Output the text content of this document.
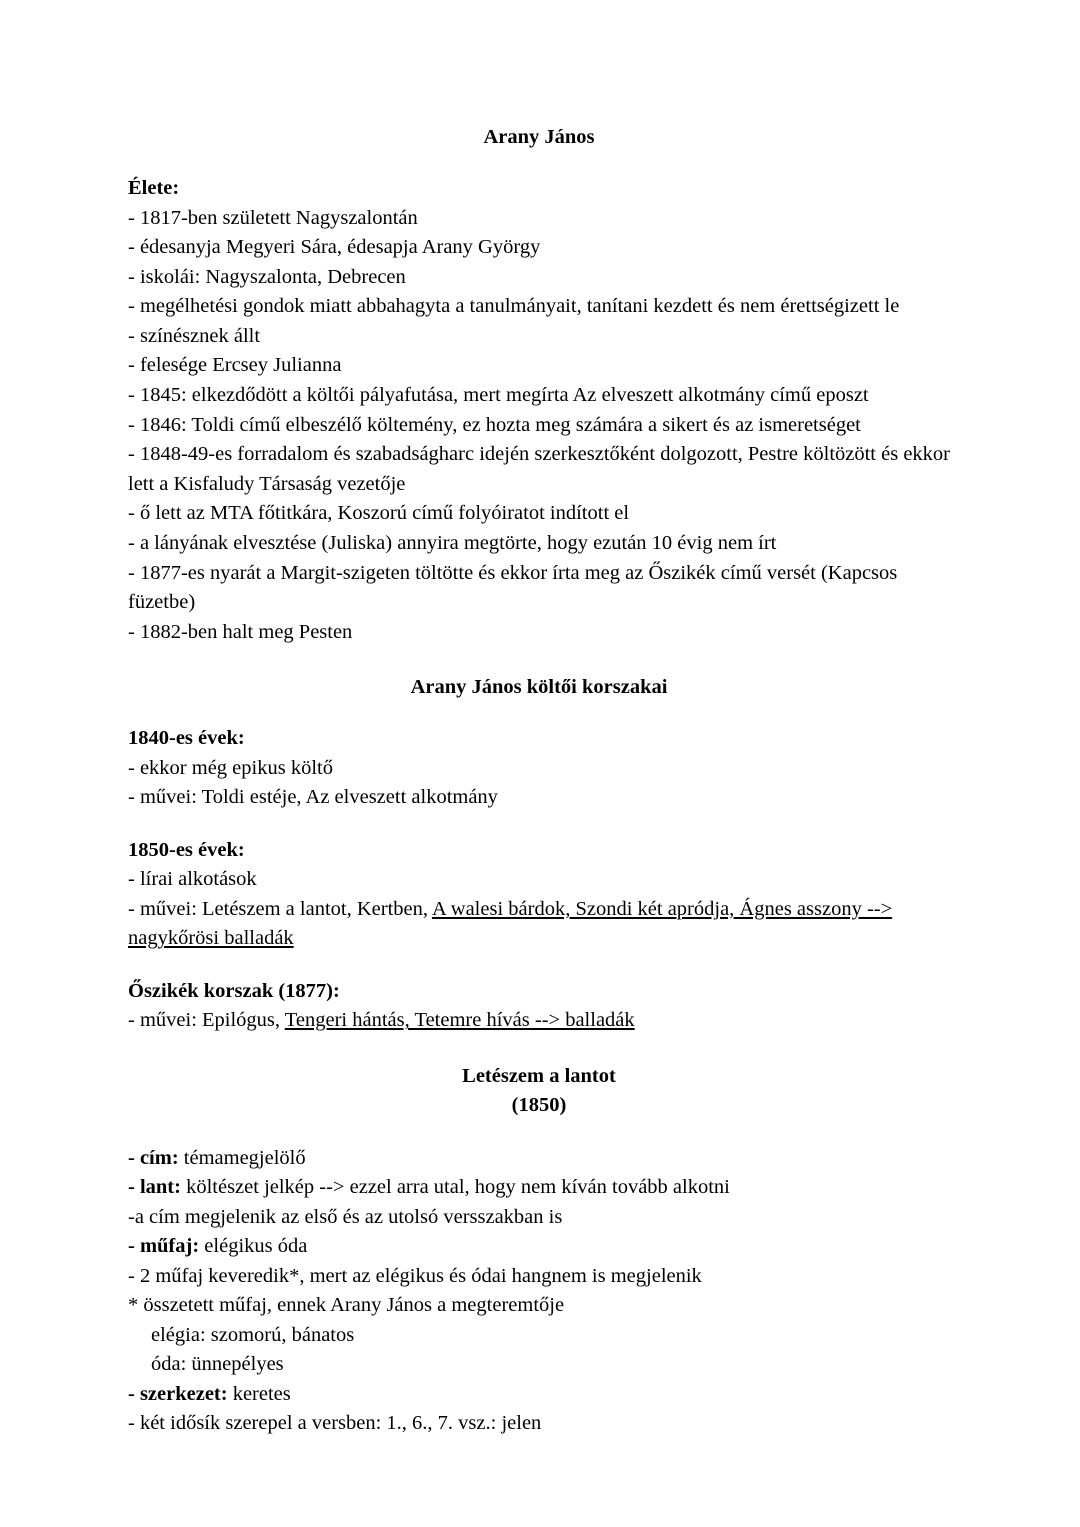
Arany János
Élete:
- 1817-ben született Nagyszalontán
- édesanyja Megyeri Sára, édesapja Arany György
- iskolái: Nagyszalonta, Debrecen
- megélhetési gondok miatt abbahagyta a tanulmányait, tanítani kezdett és nem érettségizett le
- színésznek állt
- felesége Ercsey Julianna
- 1845: elkezdődött a költői pályafutása, mert megírta Az elveszett alkotmány című eposzt
- 1846: Toldi című elbeszélő költemény, ez hozta meg számára a sikert és az ismeretséget
- 1848-49-es forradalom és szabadságharc idején szerkesztőként dolgozott, Pestre költözött és ekkor lett a Kisfaludy Társaság vezetője
- ő lett az MTA főtitkára, Koszorú című folyóiratot indított el
- a lányának elvesztése (Juliska) annyira megtörte, hogy ezután 10 évig nem írt
- 1877-es nyarát a Margit-szigeten töltötte és ekkor írta meg az Őszikék című versét (Kapcsos füzetbe)
- 1882-ben halt meg Pesten
Arany János költői korszakai
1840-es évek:
- ekkor még epikus költő
- művei: Toldi estéje, Az elveszett alkotmány
1850-es évek:
- lírai alkotások
- művei: Letészem a lantot, Kertben, A walesi bárdok, Szondi két apródja, Ágnes asszony --> nagykőrösi balladák
Őszikék korszak (1877):
- művei: Epilógus, Tengeri hántás, Tetemre hívás --> balladák
Letészem a lantot
(1850)
- cím: témamegjelölő
- lant: költészet jelkép --> ezzel arra utal, hogy nem kíván tovább alkotni
-a cím megjelenik az első és az utolsó versszakban is
- műfaj: elégikus óda
- 2 műfaj keveredik*, mert az elégikus és ódai hangnem is megjelenik
* összetett műfaj, ennek Arany János a megteremtője
elégia: szomorú, bánatos
óda: ünnepélyes
- szerkezet: keretes
- két idősík szerepel a versben: 1., 6., 7. vsz.: jelen
